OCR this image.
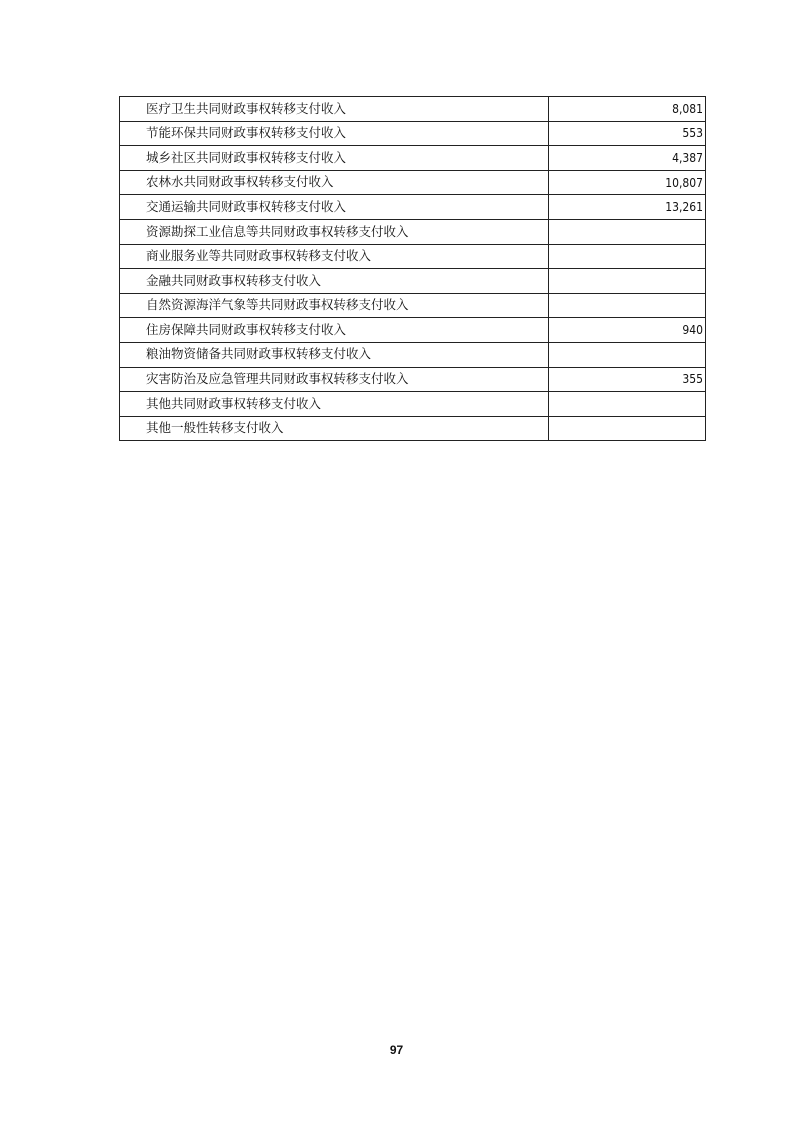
医疗卫生共同财政事权转移支付收入	8,081
节能环保共同财政事权转移支付收入	553
城乡社区共同财政事权转移支付收入	4,387
农林水共同财政事权转移支付收入	10,807
交通运输共同财政事权转移支付收入	13,261
资源勘探工业信息等共同财政事权转移支付收入	
商业服务业等共同财政事权转移支付收入	
金融共同财政事权转移支付收入	
自然资源海洋气象等共同财政事权转移支付收入	
住房保障共同财政事权转移支付收入	940
粮油物资储备共同财政事权转移支付收入	
灾害防治及应急管理共同财政事权转移支付收入	355
其他共同财政事权转移支付收入	
其他一般性转移支付收入	
97
